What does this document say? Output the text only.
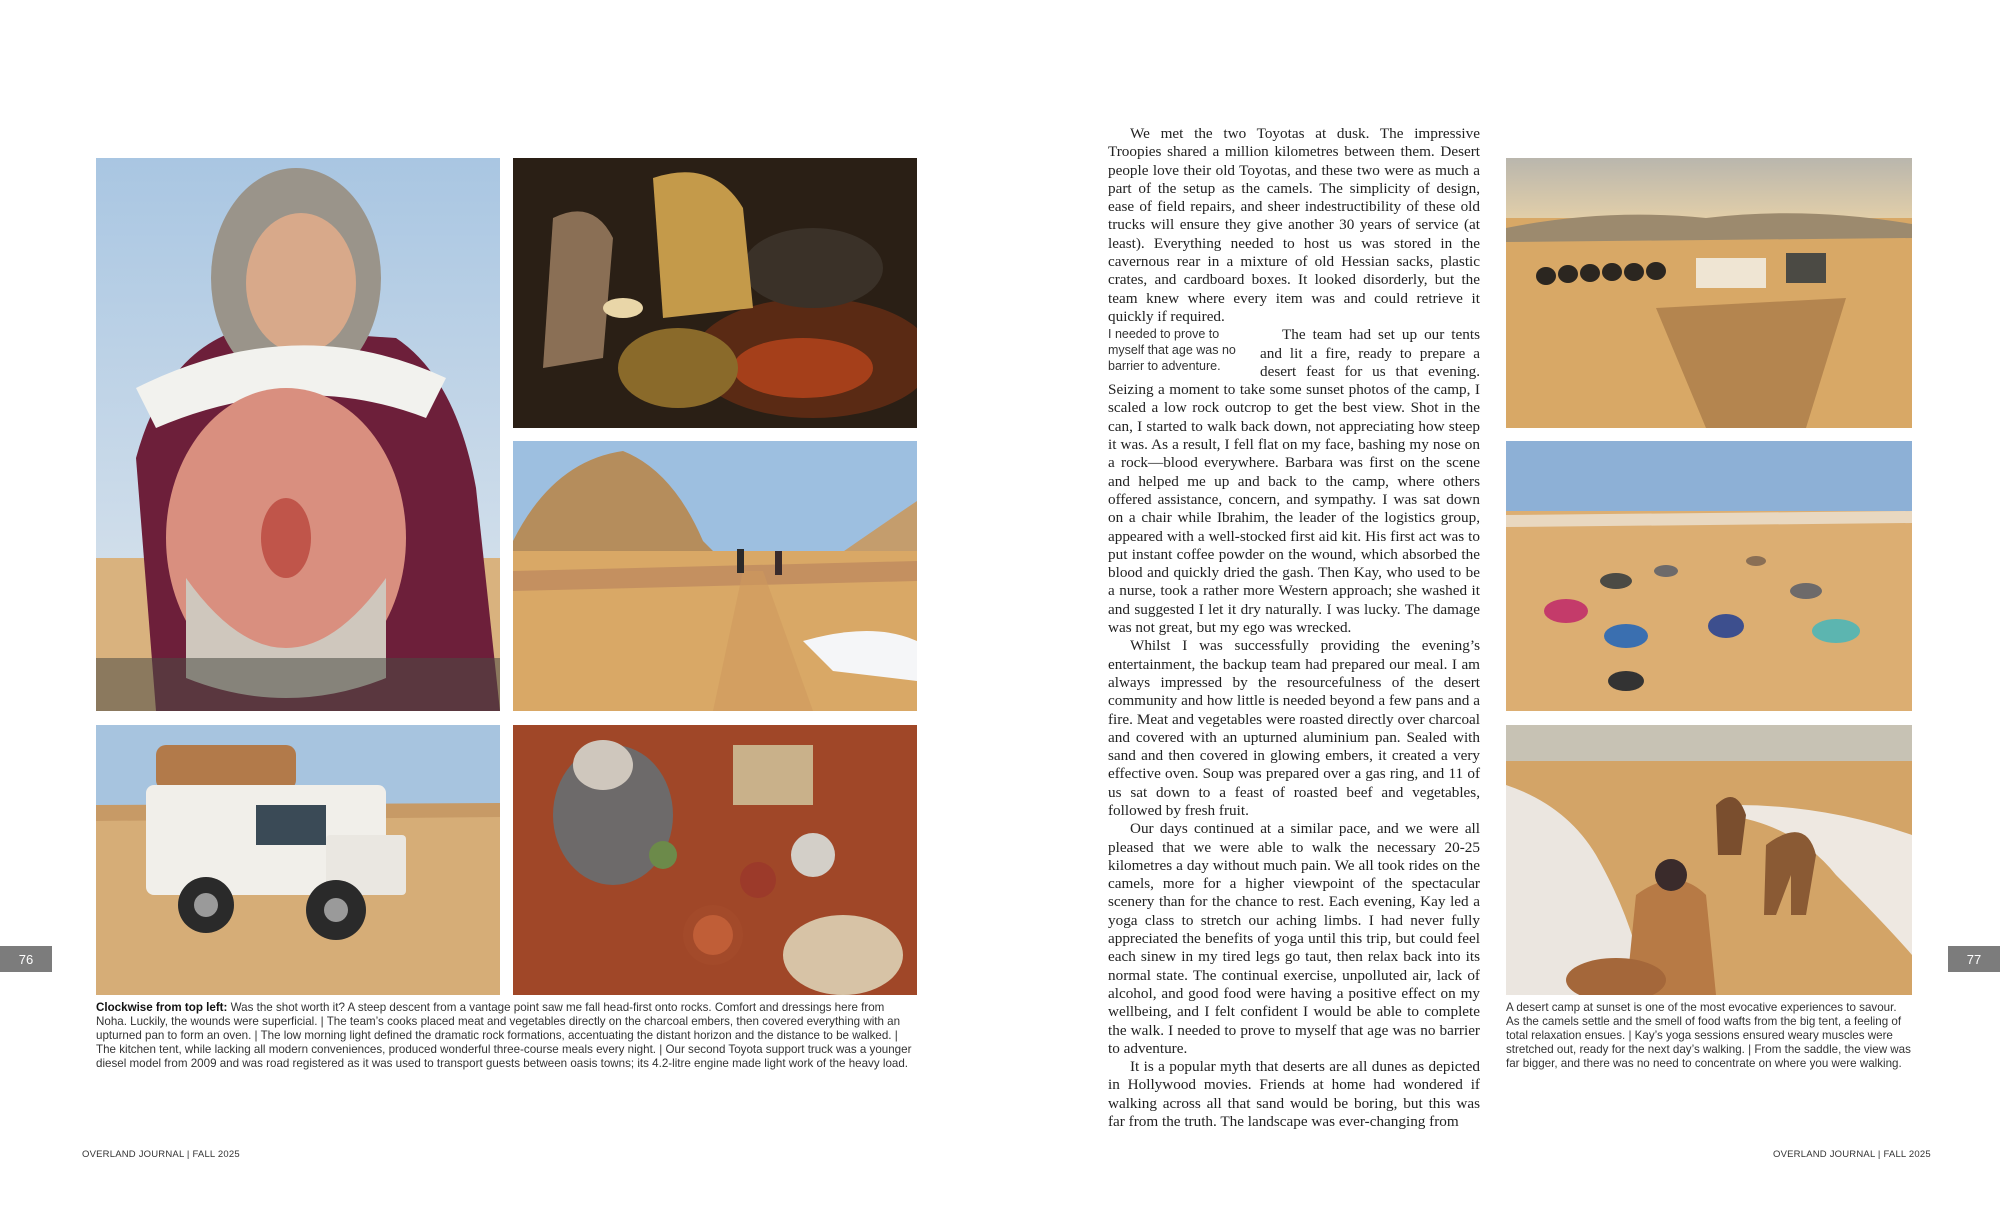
Clockwise from top left: Was the shot worth it? A steep descent from a vantage point saw me fall head-first onto rocks. Comfort and dressings here from Noha. Luckily, the wounds were superficial. | The team’s cooks placed meat and vegetables directly on the charcoal embers, then covered everything with an upturned pan to form an oven. | The low morning light defined the dramatic rock formations, accentuating the distant horizon and the distance to be walked. | The kitchen tent, while lacking all modern conveniences, produced wonderful three-course meals every night. | Our second Toyota support truck was a younger diesel model from 2009 and was road registered as it was used to transport guests between oasis towns; its 4.2-litre engine made light work of the heavy load.

We met the two Toyotas at dusk. The impressive Troopies shared a million kilometres between them. Desert people love their old Toyotas, and these two were as much a part of the setup as the camels. The simplicity of design, ease of field repairs, and sheer indestructibility of these old trucks will ensure they give another 30 years of service (at least). Everything needed to host us was stored in the cavernous rear in a mixture of old Hessian sacks, plastic crates, and cardboard boxes. It looked disorderly, but the team knew where every item was and could retrieve it quickly if required.

I needed to prove to myself that age was no barrier to adventure.
The team had set up our tents and lit a fire, ready to prepare a desert feast for us that evening. Seizing a moment to take some sunset photos of the camp, I scaled a low rock outcrop to get the best view. Shot in the can, I started to walk back down, not appreciating how steep it was. As a result, I fell flat on my face, bashing my nose on a rock—blood everywhere. Barbara was first on the scene and helped me up and back to the camp, where others offered assistance, concern, and sympathy. I was sat down on a chair while Ibrahim, the leader of the logistics group, appeared with a well-stocked first aid kit. His first act was to put instant coffee powder on the wound, which absorbed the blood and quickly dried the gash. Then Kay, who used to be a nurse, took a rather more Western approach; she washed it and suggested I let it dry naturally. I was lucky. The damage was not great, but my ego was wrecked.

Whilst I was successfully providing the evening’s entertainment, the backup team had prepared our meal. I am always impressed by the resourcefulness of the desert community and how little is needed beyond a few pans and a fire. Meat and vegetables were roasted directly over charcoal and covered with an upturned aluminium pan. Sealed with sand and then covered in glowing embers, it created a very effective oven. Soup was prepared over a gas ring, and 11 of us sat down to a feast of roasted beef and vegetables, followed by fresh fruit.

Our days continued at a similar pace, and we were all pleased that we were able to walk the necessary 20-25 kilometres a day without much pain. We all took rides on the camels, more for a higher viewpoint of the spectacular scenery than for the chance to rest. Each evening, Kay led a yoga class to stretch our aching limbs. I had never fully appreciated the benefits of yoga until this trip, but could feel each sinew in my tired legs go taut, then relax back into its normal state. The continual exercise, unpolluted air, lack of alcohol, and good food were having a positive effect on my wellbeing, and I felt confident I would be able to complete the walk. I needed to prove to myself that age was no barrier to adventure.

It is a popular myth that deserts are all dunes as depicted in Hollywood movies. Friends at home had wondered if walking across all that sand would be boring, but this was far from the truth. The landscape was ever-changing from

A desert camp at sunset is one of the most evocative experiences to savour. As the camels settle and the smell of food wafts from the big tent, a feeling of total relaxation ensues. | Kay’s yoga sessions ensured weary muscles were stretched out, ready for the next day’s walking. | From the saddle, the view was far bigger, and there was no need to concentrate on where you were walking.

76	77
OVERLAND JOURNAL | FALL 2025	OVERLAND JOURNAL | FALL 2025
